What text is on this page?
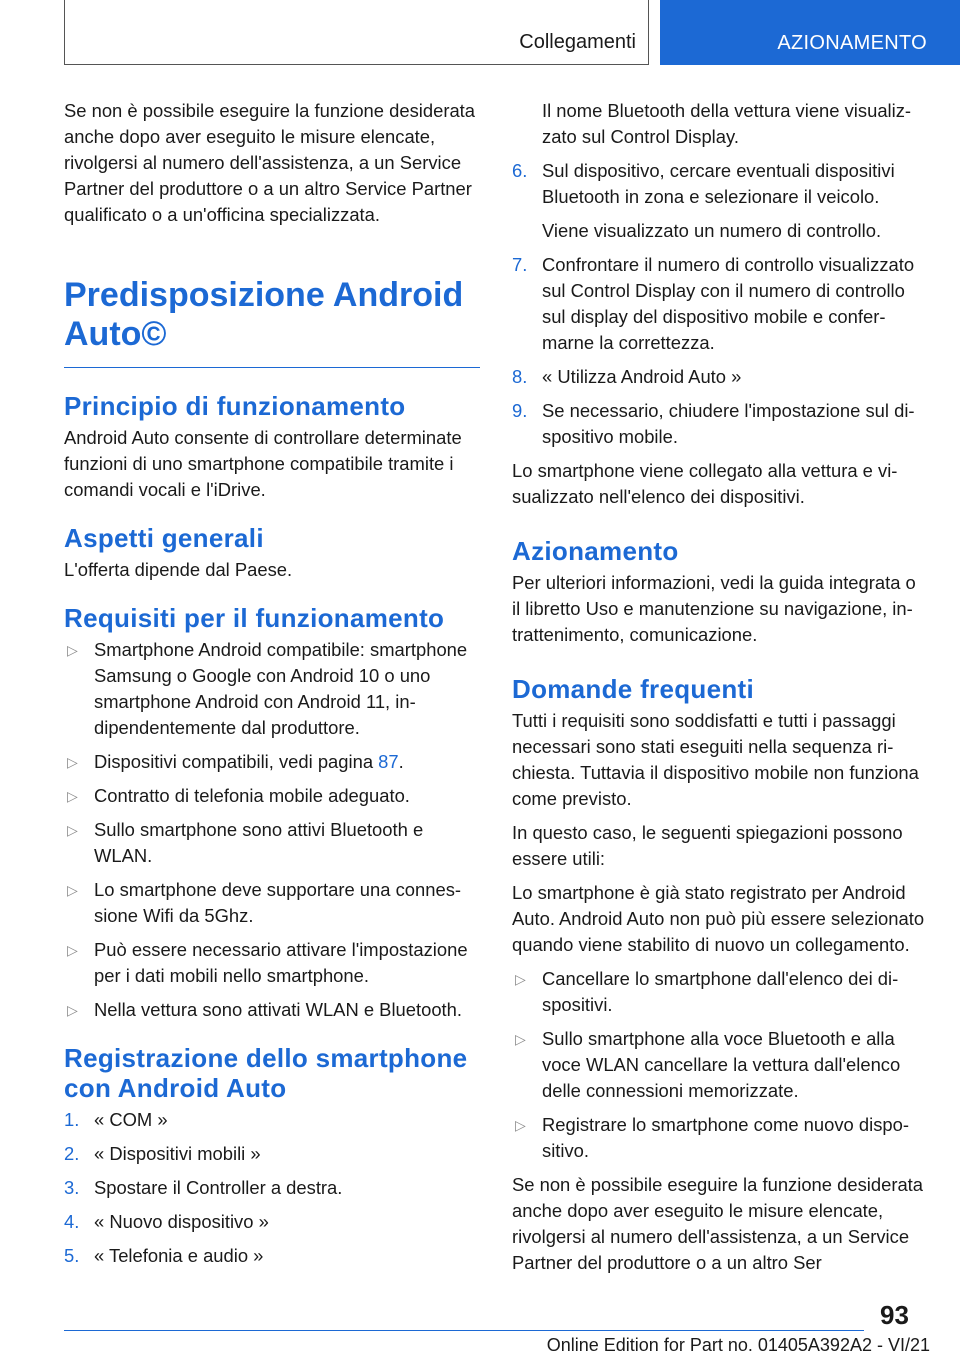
Collegamenti	AZIONAMENTO

Se non è possibile eseguire la funzione desiderata anche dopo aver eseguito le misure elencate, rivolgersi al numero dell'assistenza, a un Service Partner del produttore o a un altro Service Partner qualificato o a un'officina specializzata.

Predisposizione Android Auto©
Principio di funzionamento

Android Auto consente di controllare determinate funzioni di uno smartphone compatibile tramite i comandi vocali e l'iDrive.

Aspetti generali

L'offerta dipende dal Paese.

Requisiti per il funzionamento
▷ Smartphone Android compatibile: smartphone Samsung o Google con Android 10 o uno smartphone Android con Android 11, indipendentemente dal produttore.
▷ Dispositivi compatibili, vedi pagina 87.
▷ Contratto di telefonia mobile adeguato.
▷ Sullo smartphone sono attivi Bluetooth e WLAN.
▷ Lo smartphone deve supportare una connessione Wifi da 5Ghz.
▷ Può essere necessario attivare l'impostazione per i dati mobili nello smartphone.
▷ Nella vettura sono attivati WLAN e Bluetooth.
Registrazione dello smartphone con Android Auto
1. « COM »
2. « Dispositivi mobili »
3. Spostare il Controller a destra.
4. « Nuovo dispositivo »
5. « Telefonia e audio »

Il nome Bluetooth della vettura viene visualizzato sul Control Display.

6. Sul dispositivo, cercare eventuali dispositivi Bluetooth in zona e selezionare il veicolo.

Viene visualizzato un numero di controllo.

7. Confrontare il numero di controllo visualizzato sul Control Display con il numero di controllo sul display del dispositivo mobile e confermarne la correttezza.
8. « Utilizza Android Auto »
9. Se necessario, chiudere l'impostazione sul dispositivo mobile.

Lo smartphone viene collegato alla vettura e visualizzato nell'elenco dei dispositivi.

Azionamento

Per ulteriori informazioni, vedi la guida integrata o il libretto Uso e manutenzione su navigazione, intrattenimento, comunicazione.

Domande frequenti

Tutti i requisiti sono soddisfatti e tutti i passaggi necessari sono stati eseguiti nella sequenza richiesta. Tuttavia il dispositivo mobile non funziona come previsto.

In questo caso, le seguenti spiegazioni possono essere utili:

Lo smartphone è già stato registrato per Android Auto. Android Auto non può più essere selezionato quando viene stabilito di nuovo un collegamento.

▷ Cancellare lo smartphone dall'elenco dei dispositivi.
▷ Sullo smartphone alla voce Bluetooth e alla voce WLAN cancellare la vettura dall'elenco delle connessioni memorizzate.
▷ Registrare lo smartphone come nuovo dispositivo.

Se non è possibile eseguire la funzione desiderata anche dopo aver eseguito le misure elencate, rivolgersi al numero dell'assistenza, a un Service Partner del produttore o a un altro Ser

93
Online Edition for Part no. 01405A392A2 - VI/21
